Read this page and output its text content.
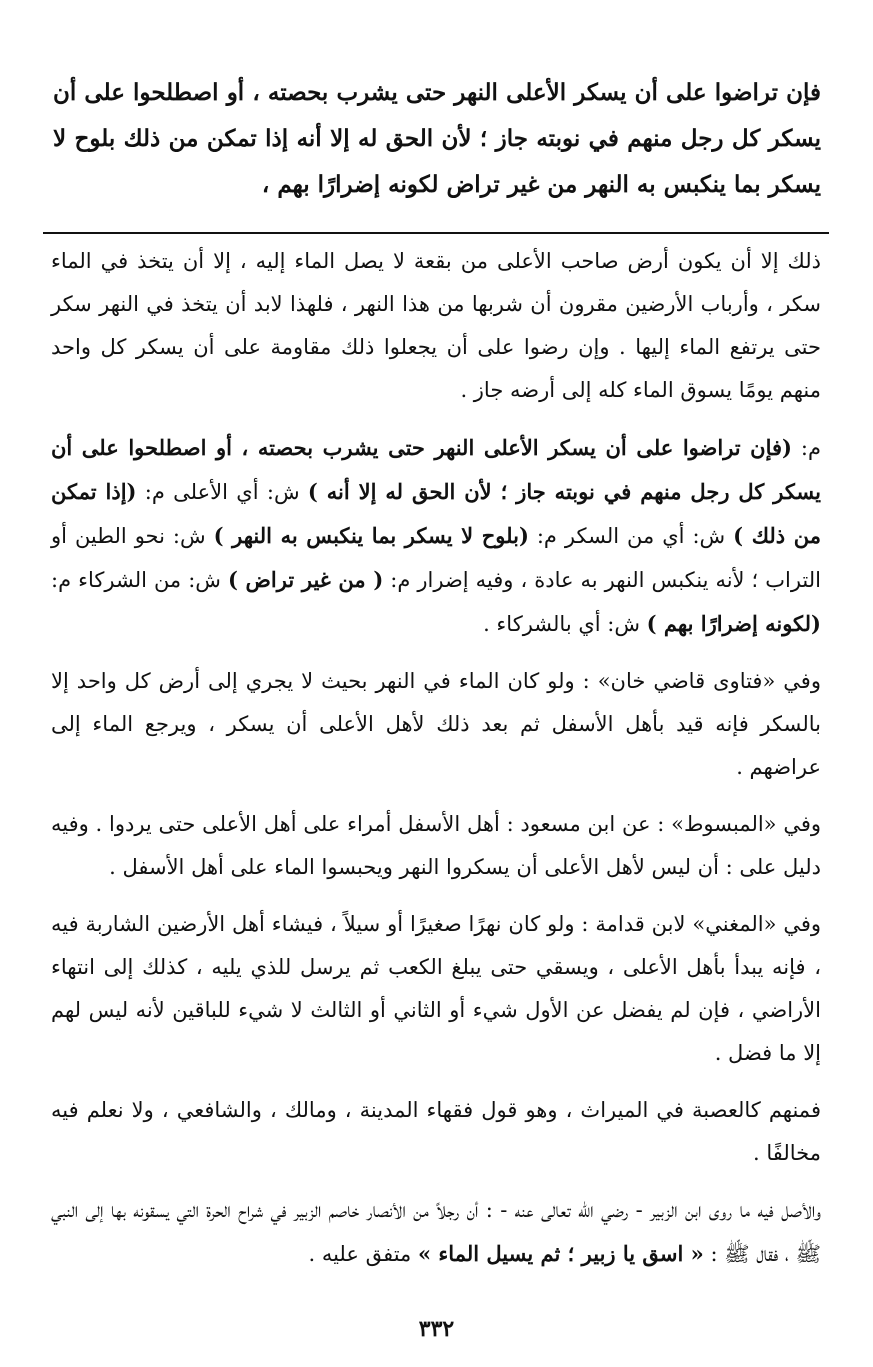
فإن تراضوا على أن يسكر الأعلى النهر حتى يشرب بحصته ، أو اصطلحوا على أن يسكر كل رجل منهم في نوبته جاز ؛ لأن الحق له إلا أنه إذا تمكن من ذلك بلوح لا يسكر بما ينكبس به النهر من غير تراض لكونه إضرارًا بهم ،

ذلك إلا أن يكون أرض صاحب الأعلى من بقعة لا يصل الماء إليه ، إلا أن يتخذ في الماء سكر ، وأرباب الأرضين مقرون أن شربها من هذا النهر ، فلهذا لابد أن يتخذ في النهر سكر حتى يرتفع الماء إليها . وإن رضوا على أن يجعلوا ذلك مقاومة على أن يسكر كل واحد منهم يومًا يسوق الماء كله إلى أرضه جاز .

م: (فإن تراضوا على أن يسكر الأعلى النهر حتى يشرب بحصته ، أو اصطلحوا على أن يسكر كل رجل منهم في نوبته جاز ؛ لأن الحق له إلا أنه ) ش: أي الأعلى م: (إذا تمكن من ذلك ) ش: أي من السكر م: (بلوح لا يسكر بما ينكبس به النهر ) ش: نحو الطين أو التراب ؛ لأنه ينكبس النهر به عادة ، وفيه إضرار م: ( من غير تراض ) ش: من الشركاء م: (لكونه إضرارًا بهم ) ش: أي بالشركاء .

وفي «فتاوى قاضي خان» : ولو كان الماء في النهر بحيث لا يجري إلى أرض كل واحد إلا بالسكر فإنه قيد بأهل الأسفل ثم بعد ذلك لأهل الأعلى أن يسكر ، ويرجع الماء إلى عراضهم .

وفي «المبسوط» : عن ابن مسعود : أهل الأسفل أمراء على أهل الأعلى حتى يردوا . وفيه دليل على : أن ليس لأهل الأعلى أن يسكروا النهر ويحبسوا الماء على أهل الأسفل .

وفي «المغني» لابن قدامة : ولو كان نهرًا صغيرًا أو سيلاً ، فيشاء أهل الأرضين الشاربة فيه ، فإنه يبدأ بأهل الأعلى ، ويسقي حتى يبلغ الكعب ثم يرسل للذي يليه ، كذلك إلى انتهاء الأراضي ، فإن لم يفضل عن الأول شيء أو الثاني أو الثالث لا شيء للباقين لأنه ليس لهم إلا ما فضل .

فمنهم كالعصبة في الميراث ، وهو قول فقهاء المدينة ، ومالك ، والشافعي ، ولا نعلم فيه مخالفًا .

والأصل فيه ما روى ابن الزبير - رضي الله تعالى عنه - : أن رجلاً من الأنصار خاصم الزبير في شراح الحرة التي يسقونه بها إلى النبي ﷺ ، فقال ﷺ : « اسق يا زبير ؛ ثم يسيل الماء » متفق عليه .

٣٣٢
